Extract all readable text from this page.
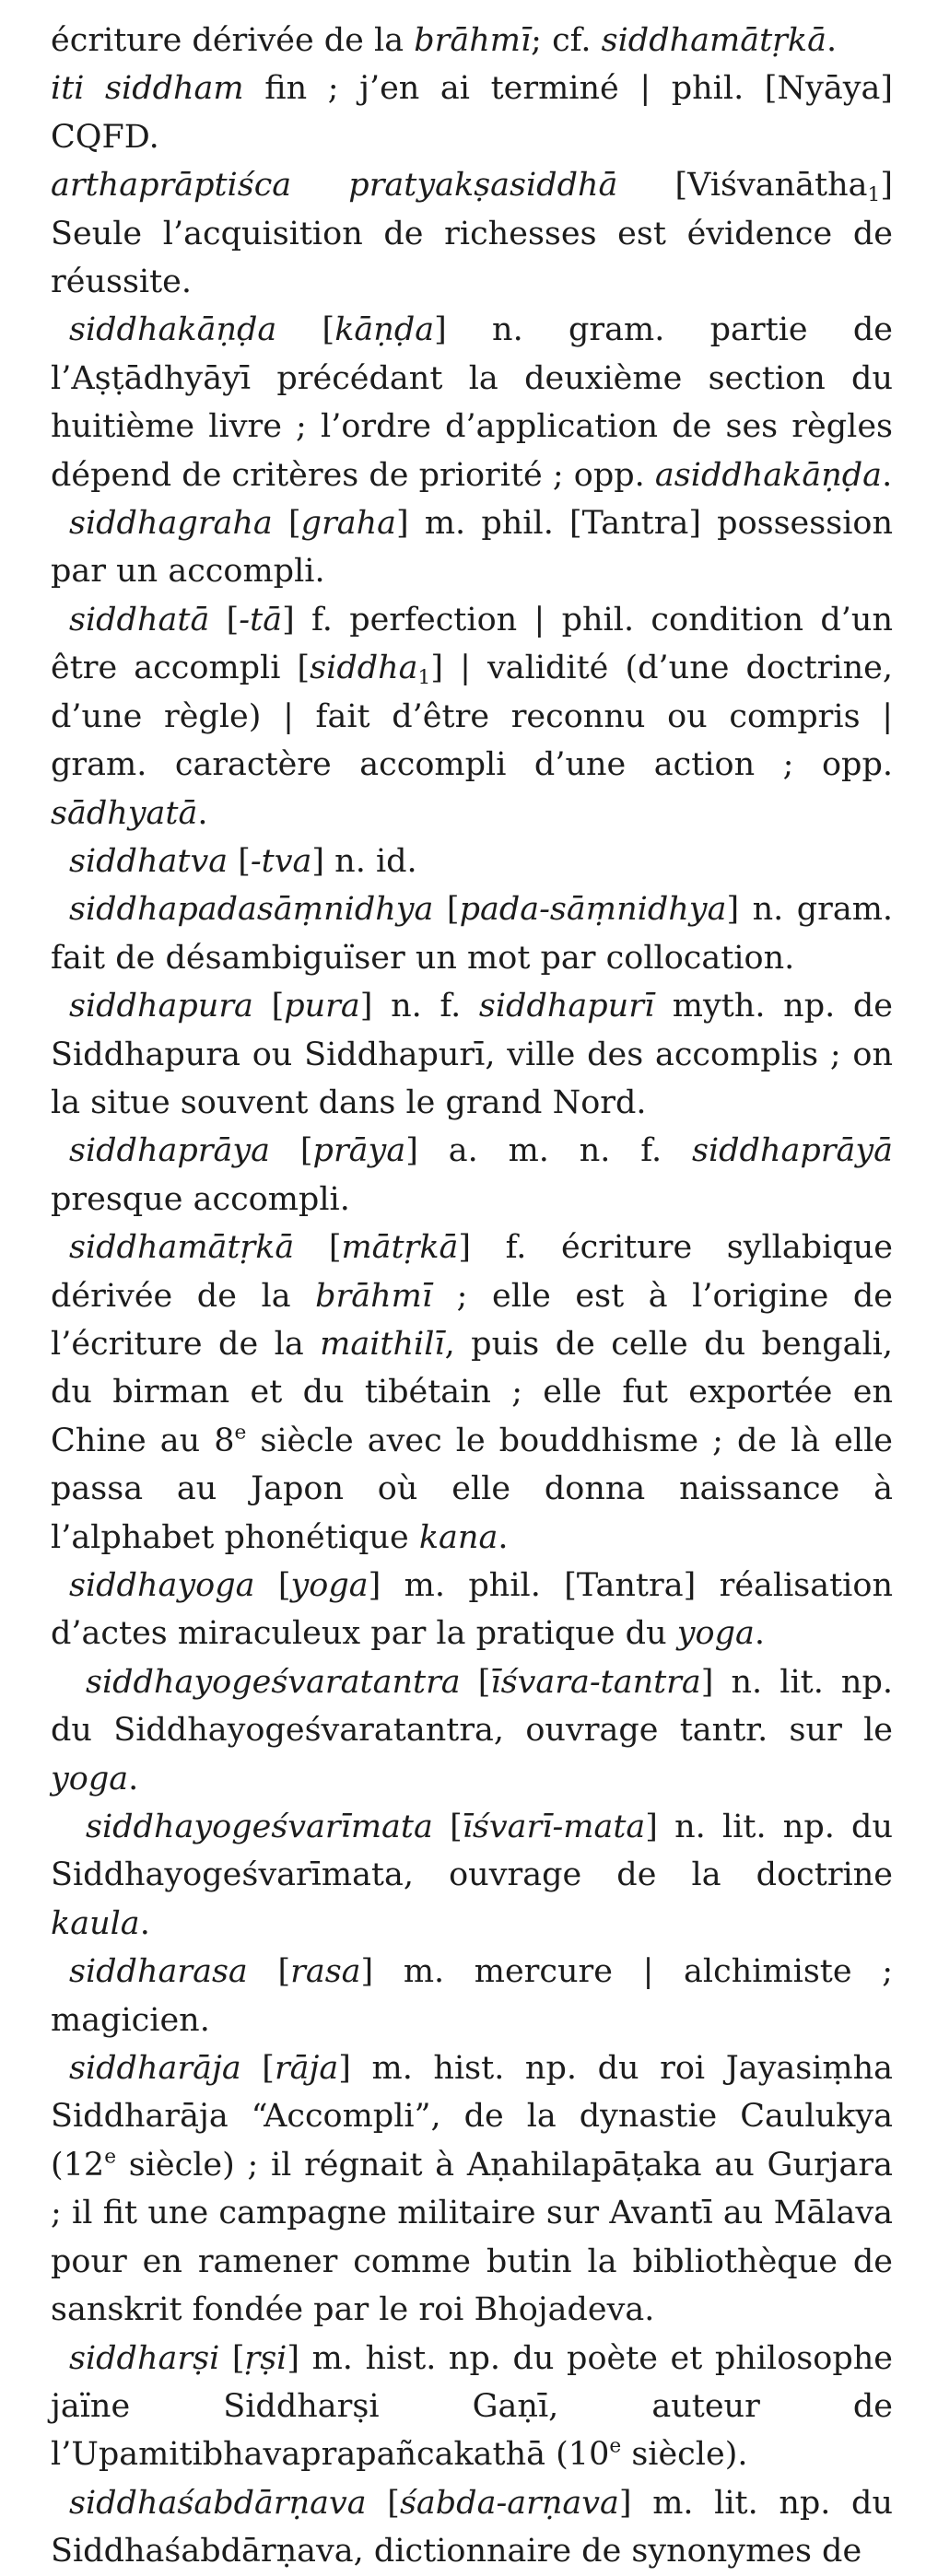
écriture dérivée de la brāhmī; cf. siddhamātṛkā.

iti siddham fin ; j’en ai terminé | phil. [Nyāya] CQFD.

arthaprāptiśca pratyakṣasiddhā [Viśvanātha$_1$] Seule l’acquisition de richesses est évidence de réussite.

siddhakāṇḍa [kāṇḍa] n. gram. partie de l’Aṣṭādhyāyī précédant la deuxième section du huitième livre ; l’ordre d’application de ses règles dépend de critères de priorité ; opp. asiddhakāṇḍa.

siddhagraha [graha] m. phil. [Tantra] possession par un accompli.

siddhatā [-tā] f. perfection | phil. condition d’un être accompli [siddha$_1$] | validité (d’une doctrine, d’une règle) | fait d’être reconnu ou compris | gram. caractère accompli d’une action ; opp. sādhyatā.

siddhatva [-tva] n. id.

siddhapadasāṃnidhya [pada-sāṃnidhya] n. gram. fait de désambiguïser un mot par collocation.

siddhapura [pura] n. f. siddhapurī myth. np. de Siddhapura ou Siddhapurī, ville des accomplis ; on la situe souvent dans le grand Nord.

siddhaprāya [prāya] a. m. n. f. siddhaprāyā presque accompli.

siddhamātṛkā [mātṛkā] f. écriture syllabique dérivée de la brāhmī ; elle est à l’origine de l’écriture de la maithilī, puis de celle du bengali, du birman et du tibétain ; elle fut exportée en Chine au 8e siècle avec le bouddhisme ; de là elle passa au Japon où elle donna naissance à l’alphabet phonétique kana.

siddhayoga [yoga] m. phil. [Tantra] réalisation d’actes miraculeux par la pratique du yoga.

siddhayogeśvaratantra [īśvara-tantra] n. lit. np. du Siddhayogeśvaratantra, ouvrage tantr. sur le yoga.

siddhayogeśvarīmata [īśvarī-mata] n. lit. np. du Siddhayogeśvarīmata, ouvrage de la doctrine kaula.

siddharasa [rasa] m. mercure | alchimiste ; magicien.

siddharāja [rāja] m. hist. np. du roi Jayasiṃha Siddharāja “Accompli”, de la dynastie Caulukya (12e siècle) ; il régnait à Aṇahilapāṭaka au Gurjara ; il fit une campagne militaire sur Avantī au Mālava pour en ramener comme butin la bibliothèque de sanskrit fondée par le roi Bhojadeva.

siddharṣi [ṛṣi] m. hist. np. du poète et philosophe jaïne Siddharṣi Gaṇī, auteur de l’Upamitibhavaprapañcakathā (10e siècle).

siddhaśabdārṇava [śabda-arṇava] m. lit. np. du Siddhaśabdārṇava, dictionnaire de synonymes de
